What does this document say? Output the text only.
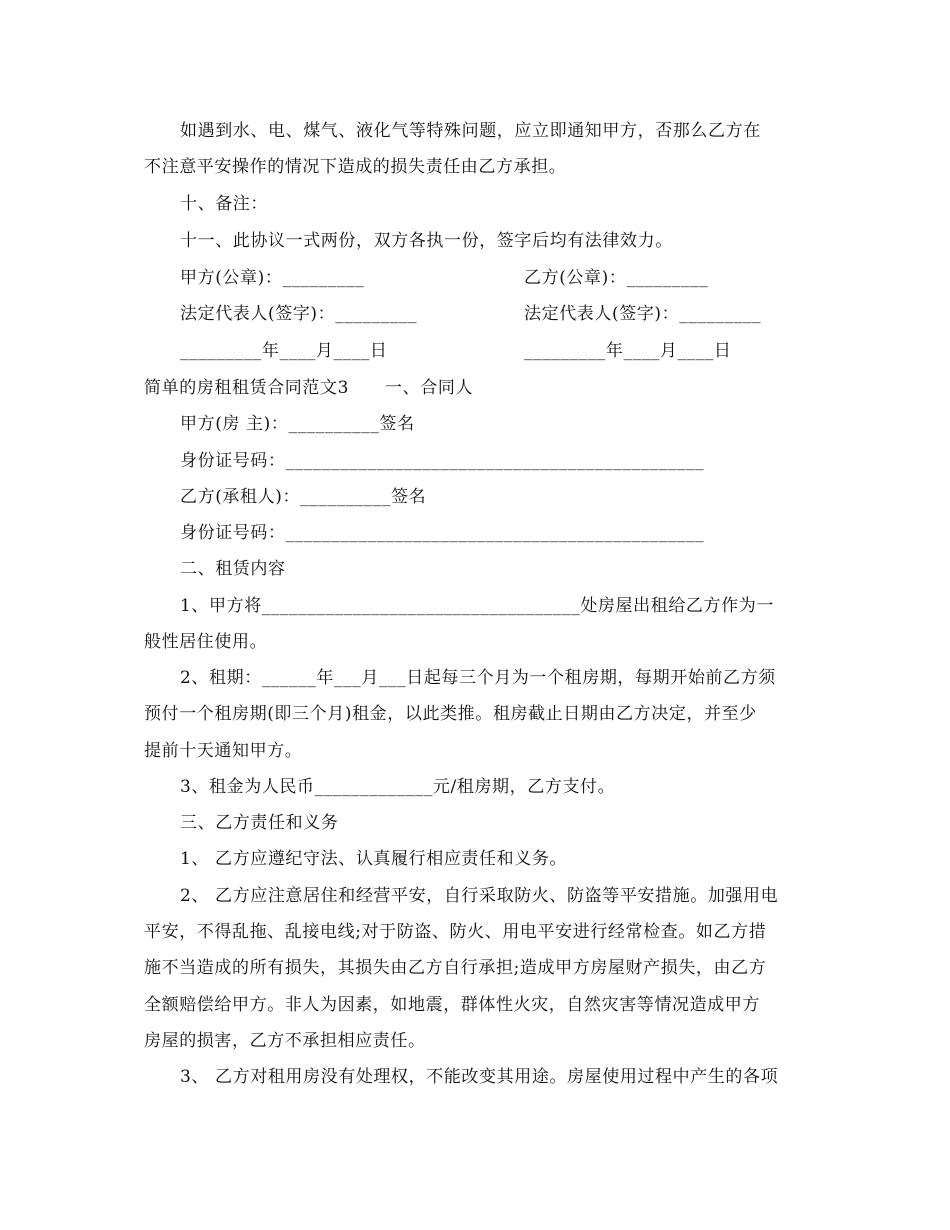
如遇到水、电、煤气、液化气等特殊问题，应立即通知甲方，否那么乙方在
不注意平安操作的情况下造成的损失责任由乙方承担。
十、备注：
十一、此协议一式两份，双方各执一份，签字后均有法律效力。
甲方(公章)：_________	乙方(公章)：_________
法定代表人(签字)：_________	法定代表人(签字)：_________
_________年____月____日	_________年____月____日
简单的房租租赁合同范文3      一、合同人
甲方(房 主)：__________签名
身份证号码：______________________________________________
乙方(承租人)：__________签名
身份证号码：______________________________________________
二、租赁内容
1、甲方将___________________________________处房屋出租给乙方作为一
般性居住使用。
2、租期：______年___月___日起每三个月为一个租房期，每期开始前乙方须
预付一个租房期(即三个月)租金，以此类推。租房截止日期由乙方决定，并至少
提前十天通知甲方。
3、租金为人民币_____________元/租房期，乙方支付。
三、乙方责任和义务
1、 乙方应遵纪守法、认真履行相应责任和义务。
2、 乙方应注意居住和经营平安，自行采取防火、防盗等平安措施。加强用电
平安，不得乱拖、乱接电线;对于防盗、防火、用电平安进行经常检查。如乙方措
施不当造成的所有损失，其损失由乙方自行承担;造成甲方房屋财产损失，由乙方
全额赔偿给甲方。非人为因素，如地震，群体性火灾，自然灾害等情况造成甲方
房屋的损害，乙方不承担相应责任。
3、 乙方对租用房没有处理权，不能改变其用途。房屋使用过程中产生的各项
